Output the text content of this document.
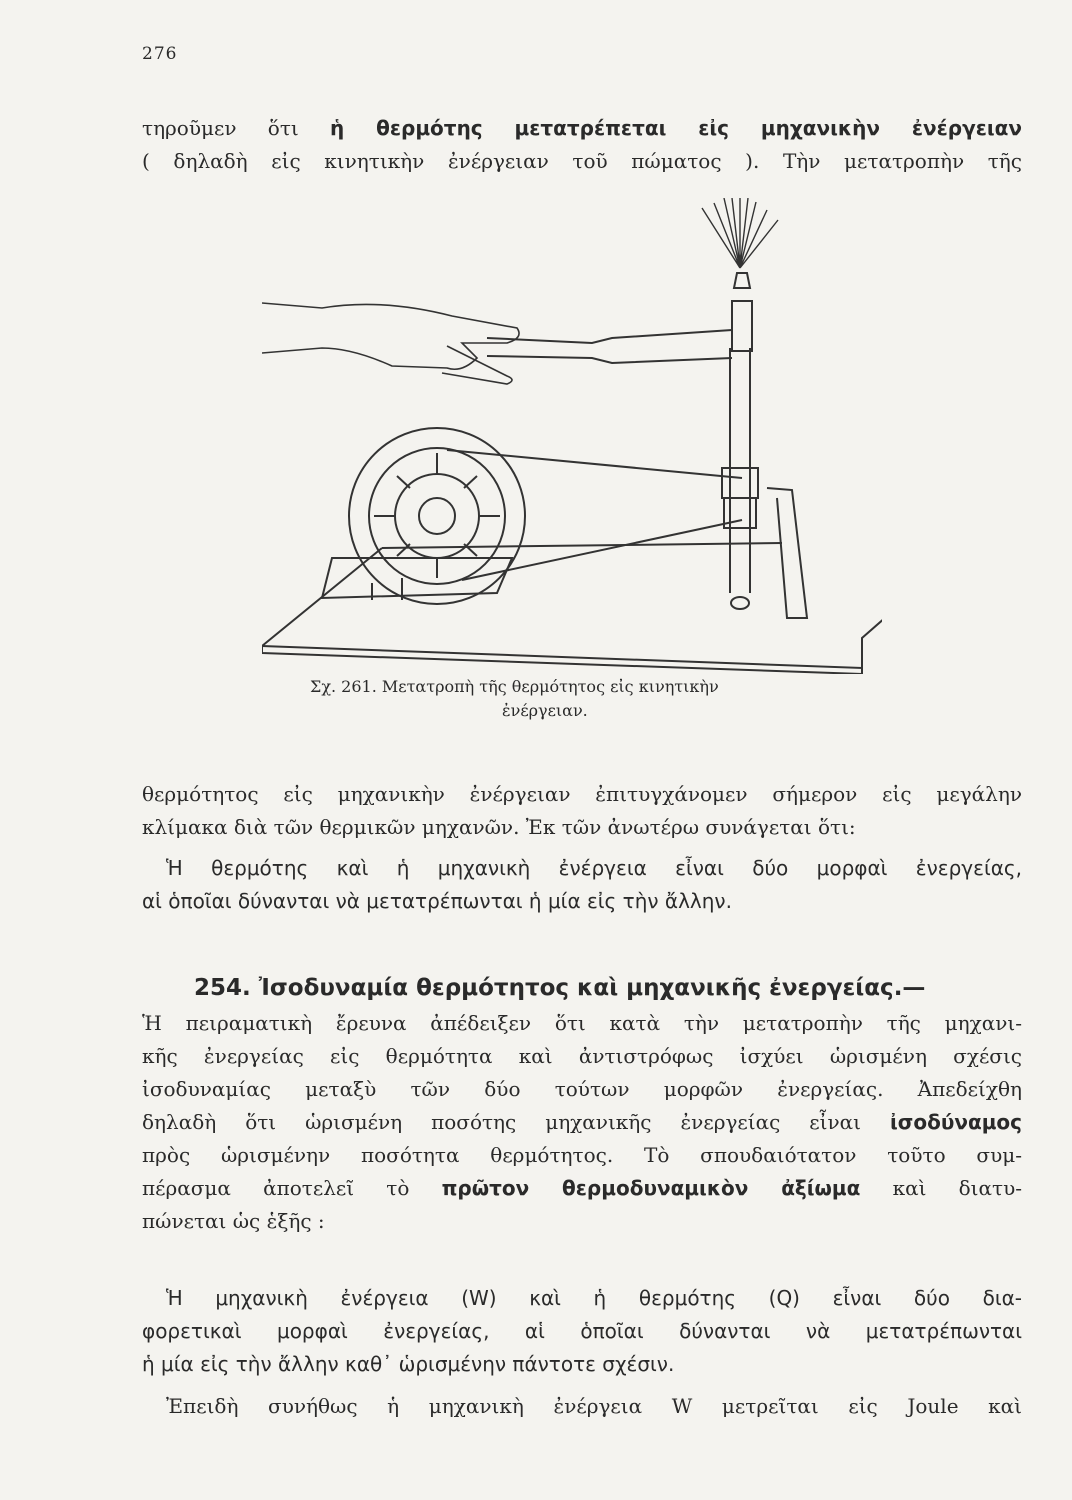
276

τηροῦμεν ὅτι ἡ θερμότης μετατρέπεται εἰς μηχανικὴν ἐνέργειαν

( δηλαδὴ εἰς κινητικὴν ἐνέργειαν τοῦ πώματος ). Τὴν μετατροπὴν τῆς

Σχ. 261. Μετατροπὴ τῆς θερμότητος εἰς κινητικὴν
ἐνέργειαν.

θερμότητος εἰς μηχανικὴν ἐνέργειαν ἐπιτυγχάνομεν σήμερον εἰς μεγάλην

κλίμακα διὰ τῶν θερμικῶν μηχανῶν. Ἐκ τῶν ἀνωτέρω συνάγεται ὅτι:

Ἡ θερμότης καὶ ἡ μηχανικὴ ἐνέργεια εἶναι δύο μορφαὶ ἐνεργείας,

αἱ ὁποῖαι δύνανται νὰ μετατρέπωνται ἡ μία εἰς τὴν ἄλλην.

254. Ἰσοδυναμία θερμότητος καὶ μηχανικῆς ἐνεργείας.—

Ἡ πειραματικὴ ἔρευνα ἀπέδειξεν ὅτι κατὰ τὴν μετατροπὴν τῆς μηχανι-

κῆς ἐνεργείας εἰς θερμότητα καὶ ἀντιστρόφως ἰσχύει ὡρισμένη σχέσις

ἰσοδυναμίας μεταξὺ τῶν δύο τούτων μορφῶν ἐνεργείας. Ἀπεδείχθη

δηλαδὴ ὅτι ὡρισμένη ποσότης μηχανικῆς ἐνεργείας εἶναι ἰσοδύναμος

πρὸς ὡρισμένην ποσότητα θερμότητος. Τὸ σπουδαιότατον τοῦτο συμ-

πέρασμα ἀποτελεῖ τὸ πρῶτον θερμοδυναμικὸν ἀξίωμα καὶ διατυ-

πώνεται ὡς ἑξῆς :

Ἡ μηχανικὴ ἐνέργεια (W) καὶ ἡ θερμότης (Q) εἶναι δύο δια-

φορετικαὶ μορφαὶ ἐνεργείας, αἱ ὁποῖαι δύνανται νὰ μετατρέπωνται

ἡ μία εἰς τὴν ἄλλην καθ᾽ ὡρισμένην πάντοτε σχέσιν.

Ἐπειδὴ συνήθως ἡ μηχανικὴ ἐνέργεια W μετρεῖται εἰς Joule καὶ
